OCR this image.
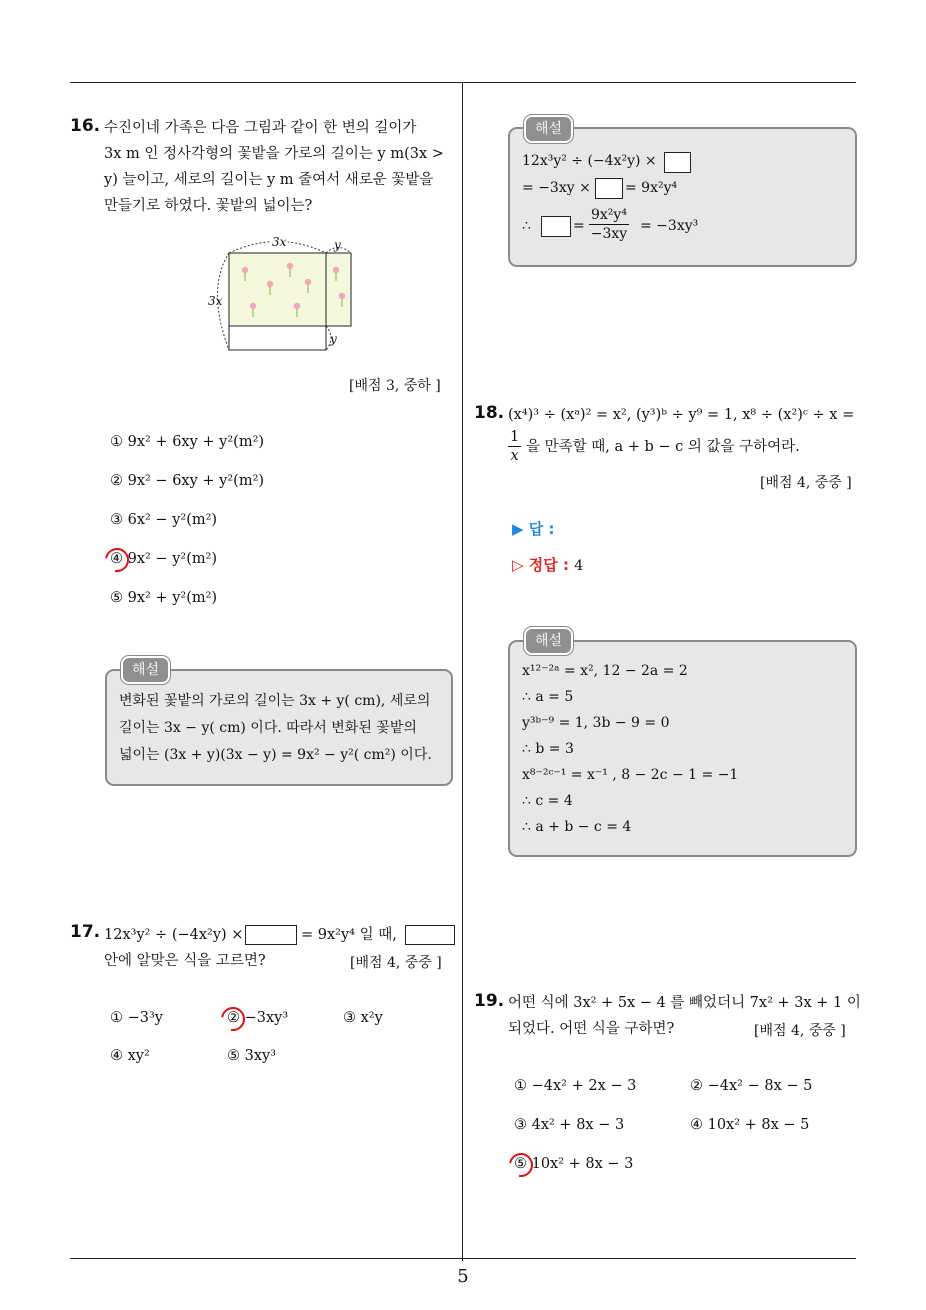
16. 수진이네 가족은 다음 그림과 같이 한 변의 길이가
3x m 인 정사각형의 꽃밭을 가로의 길이는 y m(3x >
y) 늘이고, 세로의 길이는 y m 줄여서 새로운 꽃밭을
만들기로 하였다. 꽃밭의 넓이는?
3x
3x
y
y
[배점 3, 중하 ]
① 9x² + 6xy + y²(m²)
② 9x² − 6xy + y²(m²)
③ 6x² − y²(m²)
④ 9x² − y²(m²)
⑤ 9x² + y²(m²)
해설
변화된 꽃밭의 가로의 길이는 3x + y( cm), 세로의
길이는 3x − y( cm) 이다. 따라서 변화된 꽃밭의
넓이는 (3x + y)(3x − y) = 9x² − y²( cm²) 이다.
17. 12x³y² ÷ (−4x²y) ×	= 9x²y⁴ 일 때,
안에 알맞은 식을 고르면?	[배점 4, 중중 ]
① −3³y	② −3xy³	③ x²y
④ xy²	⑤ 3xy³
해설
12x³y² ÷ (−4x²y) ×
= −3xy × = 9x²y⁴
∴	= $\frac{\text{9x²y⁴}}{-3xy} = -3xy^3$
18. (x⁴)³ ÷ (xᵃ)² = x², (y³)ᵇ ÷ y⁹ = 1, x⁸ ÷ (x²)ᶜ ÷ x =
$\frac{1}{x}$ 을 만족할 때, a + b − c 의 값을 구하여라.
[배점 4, 중중 ]
▶ 답 :
▷ 정답 : 4
해설
x¹²⁻²ᵃ = x², 12 − 2a = 2
∴ a = 5
y³ᵇ⁻⁹ = 1, 3b − 9 = 0
∴ b = 3
x⁸⁻²ᶜ⁻¹ = x⁻¹ , 8 − 2c − 1 = −1
∴ c = 4
∴ a + b − c = 4
19. 어떤 식에 3x² + 5x − 4 를 빼었더니 7x² + 3x + 1 이
되었다. 어떤 식을 구하면?	[배점 4, 중중 ]
① −4x² + 2x − 3	② −4x² − 8x − 5
③ 4x² + 8x − 3	④ 10x² + 8x − 5
⑤ 10x² + 8x − 3
5
